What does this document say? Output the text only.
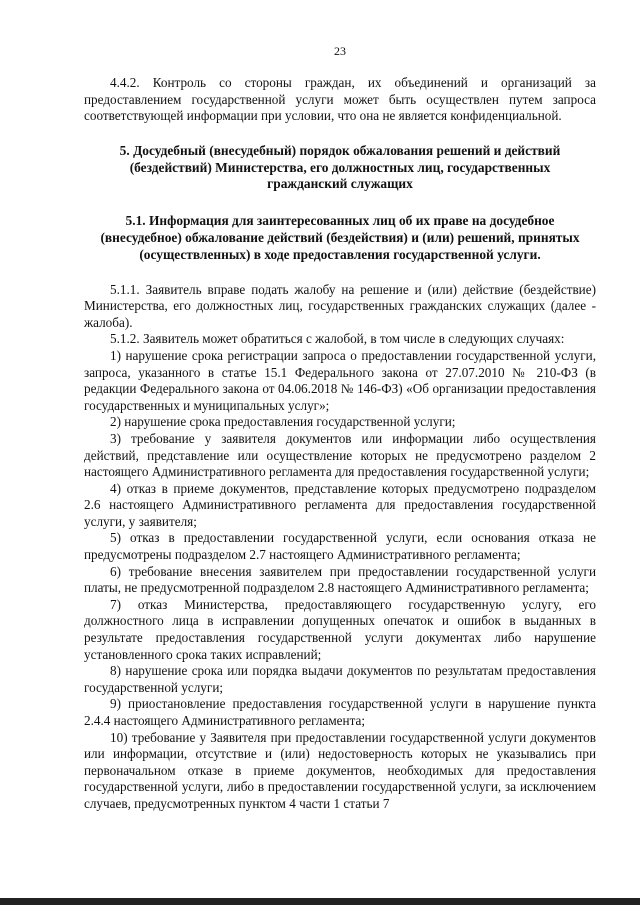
23

4.4.2. Контроль со стороны граждан, их объединений и организаций за предоставлением государственной услуги может быть осуществлен путем запроса соответствующей информации при условии, что она не является конфиденциальной.

5. Досудебный (внесудебный) порядок обжалования решений и действий (бездействий) Министерства, его должностных лиц, государственных гражданский служащих

5.1. Информация для заинтересованных лиц об их праве на досудебное (внесудебное) обжалование действий (бездействия) и (или) решений, принятых (осуществленных) в ходе предоставления государственной услуги.

5.1.1. Заявитель вправе подать жалобу на решение и (или) действие (бездействие) Министерства, его должностных лиц, государственных гражданских служащих (далее - жалоба).

5.1.2. Заявитель может обратиться с жалобой, в том числе в следующих случаях:

1) нарушение срока регистрации запроса о предоставлении государственной услуги, запроса, указанного в статье 15.1 Федерального закона от 27.07.2010 № 210-ФЗ (в редакции Федерального закона от 04.06.2018 № 146-ФЗ) «Об организации предоставления государственных и муниципальных услуг»;

2) нарушение срока предоставления государственной услуги;

3) требование у заявителя документов или информации либо осуществления действий, представление или осуществление которых не предусмотрено разделом 2 настоящего Административного регламента для предоставления государственной услуги;

4) отказ в приеме документов, представление которых предусмотрено подразделом 2.6 настоящего Административного регламента для предоставления государственной услуги, у заявителя;

5) отказ в предоставлении государственной услуги, если основания отказа не предусмотрены подразделом 2.7 настоящего Административного регламента;

6) требование внесения заявителем при предоставлении государственной услуги платы, не предусмотренной подразделом 2.8 настоящего Административного регламента;

7) отказ Министерства, предоставляющего государственную услугу, его должностного лица в исправлении допущенных опечаток и ошибок в выданных в результате предоставления государственной услуги документах либо нарушение установленного срока таких исправлений;

8) нарушение срока или порядка выдачи документов по результатам предоставления государственной услуги;

9) приостановление предоставления государственной услуги в нарушение пункта 2.4.4 настоящего Административного регламента;

10) требование у Заявителя при предоставлении государственной услуги документов или информации, отсутствие и (или) недостоверность которых не указывались при первоначальном отказе в приеме документов, необходимых для предоставления государственной услуги, либо в предоставлении государственной услуги, за исключением случаев, предусмотренных пунктом 4 части 1 статьи 7
